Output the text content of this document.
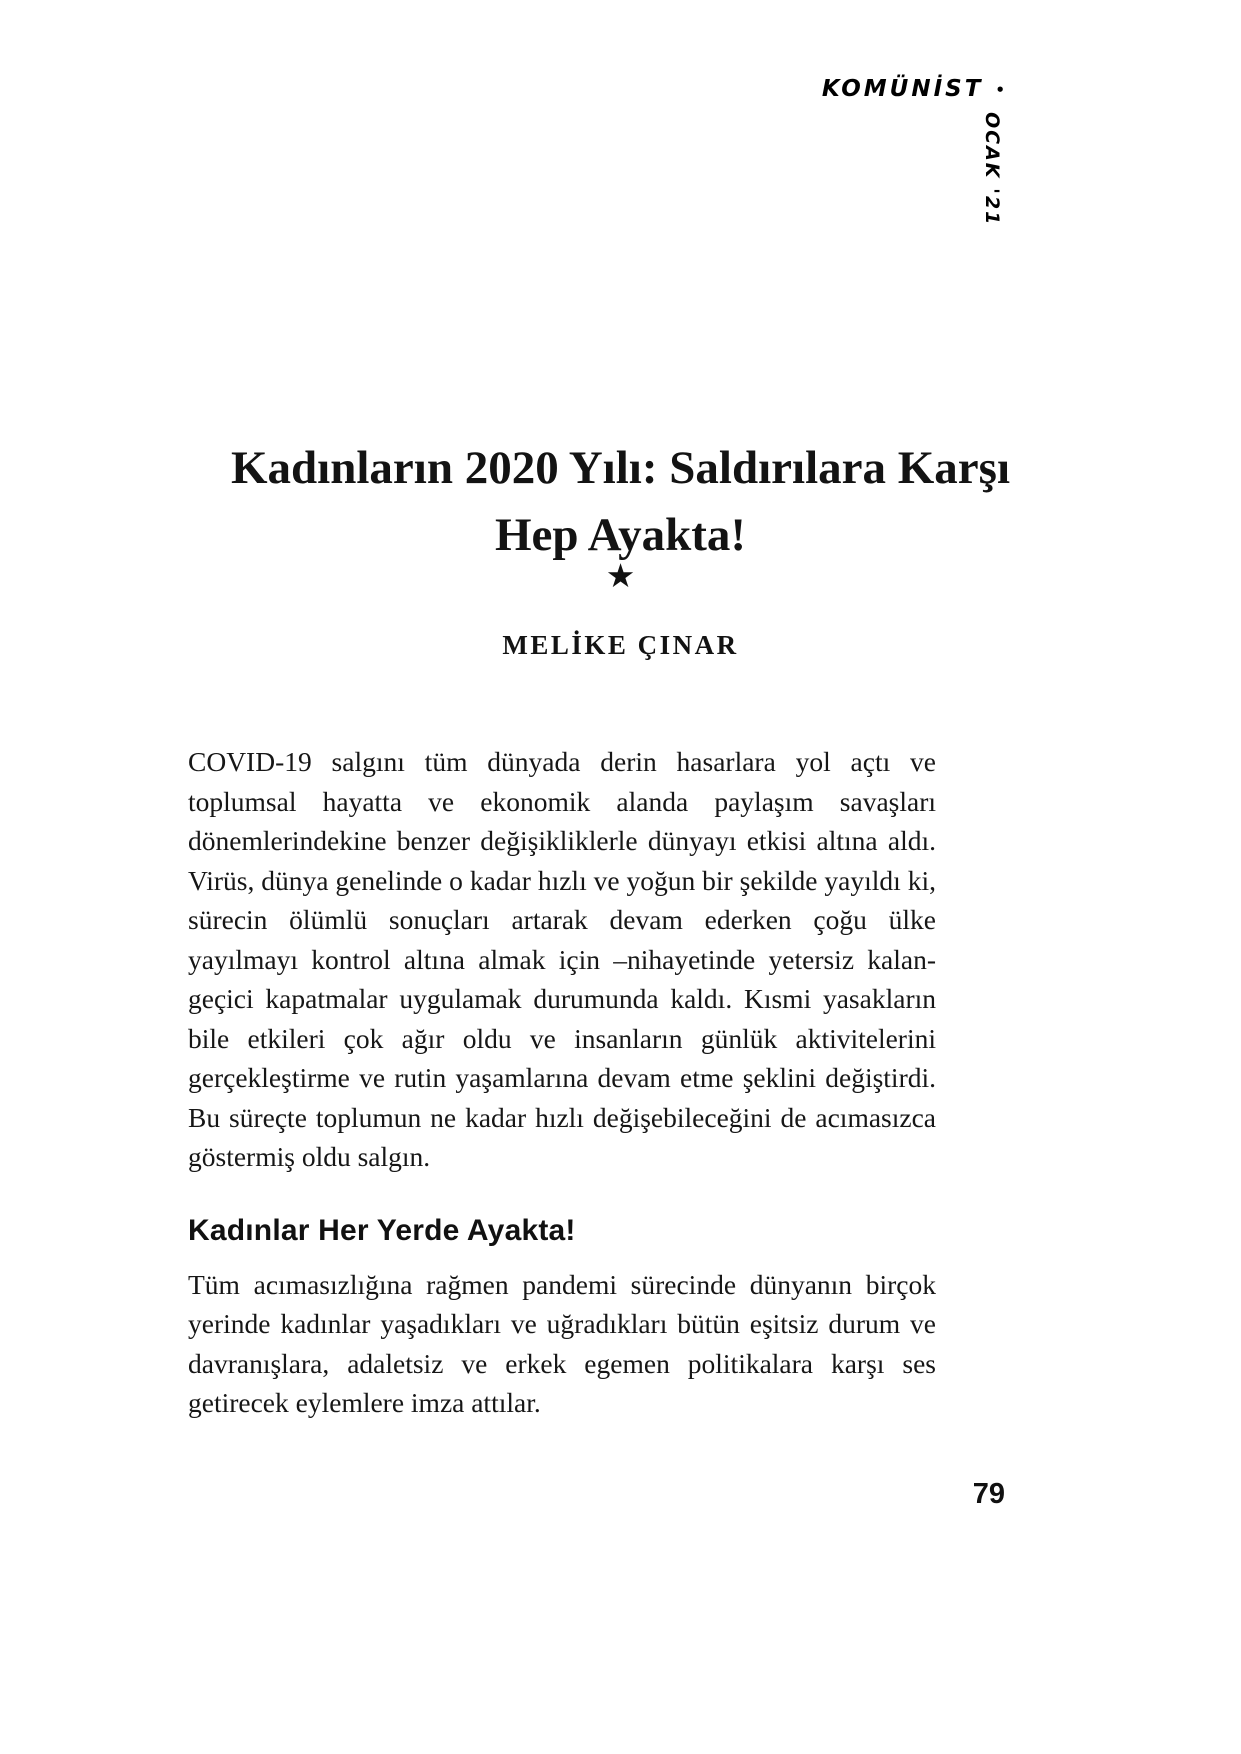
KOMÜNİST •
OCAK '21
Kadınların 2020 Yılı: Saldırılara Karşı Hep Ayakta!
★
MELİKE ÇINAR

COVID-19 salgını tüm dünyada derin hasarlara yol açtı ve toplumsal hayatta ve ekonomik alanda paylaşım savaşları dönemlerindekine benzer değişikliklerle dünyayı etkisi altına aldı. Virüs, dünya genelinde o kadar hızlı ve yoğun bir şekilde yayıldı ki, sürecin ölümlü sonuçları artarak devam ederken çoğu ülke yayılmayı kontrol altına almak için –nihayetinde yetersiz kalan- geçici kapatmalar uygulamak durumunda kaldı. Kısmi yasakların bile etkileri çok ağır oldu ve insanların günlük aktivitelerini gerçekleştirme ve rutin yaşamlarına devam etme şeklini değiştirdi. Bu süreçte toplumun ne kadar hızlı değişebileceğini de acımasızca göstermiş oldu salgın.

Kadınlar Her Yerde Ayakta!

Tüm acımasızlığına rağmen pandemi sürecinde dünyanın birçok yerinde kadınlar yaşadıkları ve uğradıkları bütün eşitsiz durum ve davranışlara, adaletsiz ve erkek egemen politikalara karşı ses getirecek eylemlere imza attılar.

79
